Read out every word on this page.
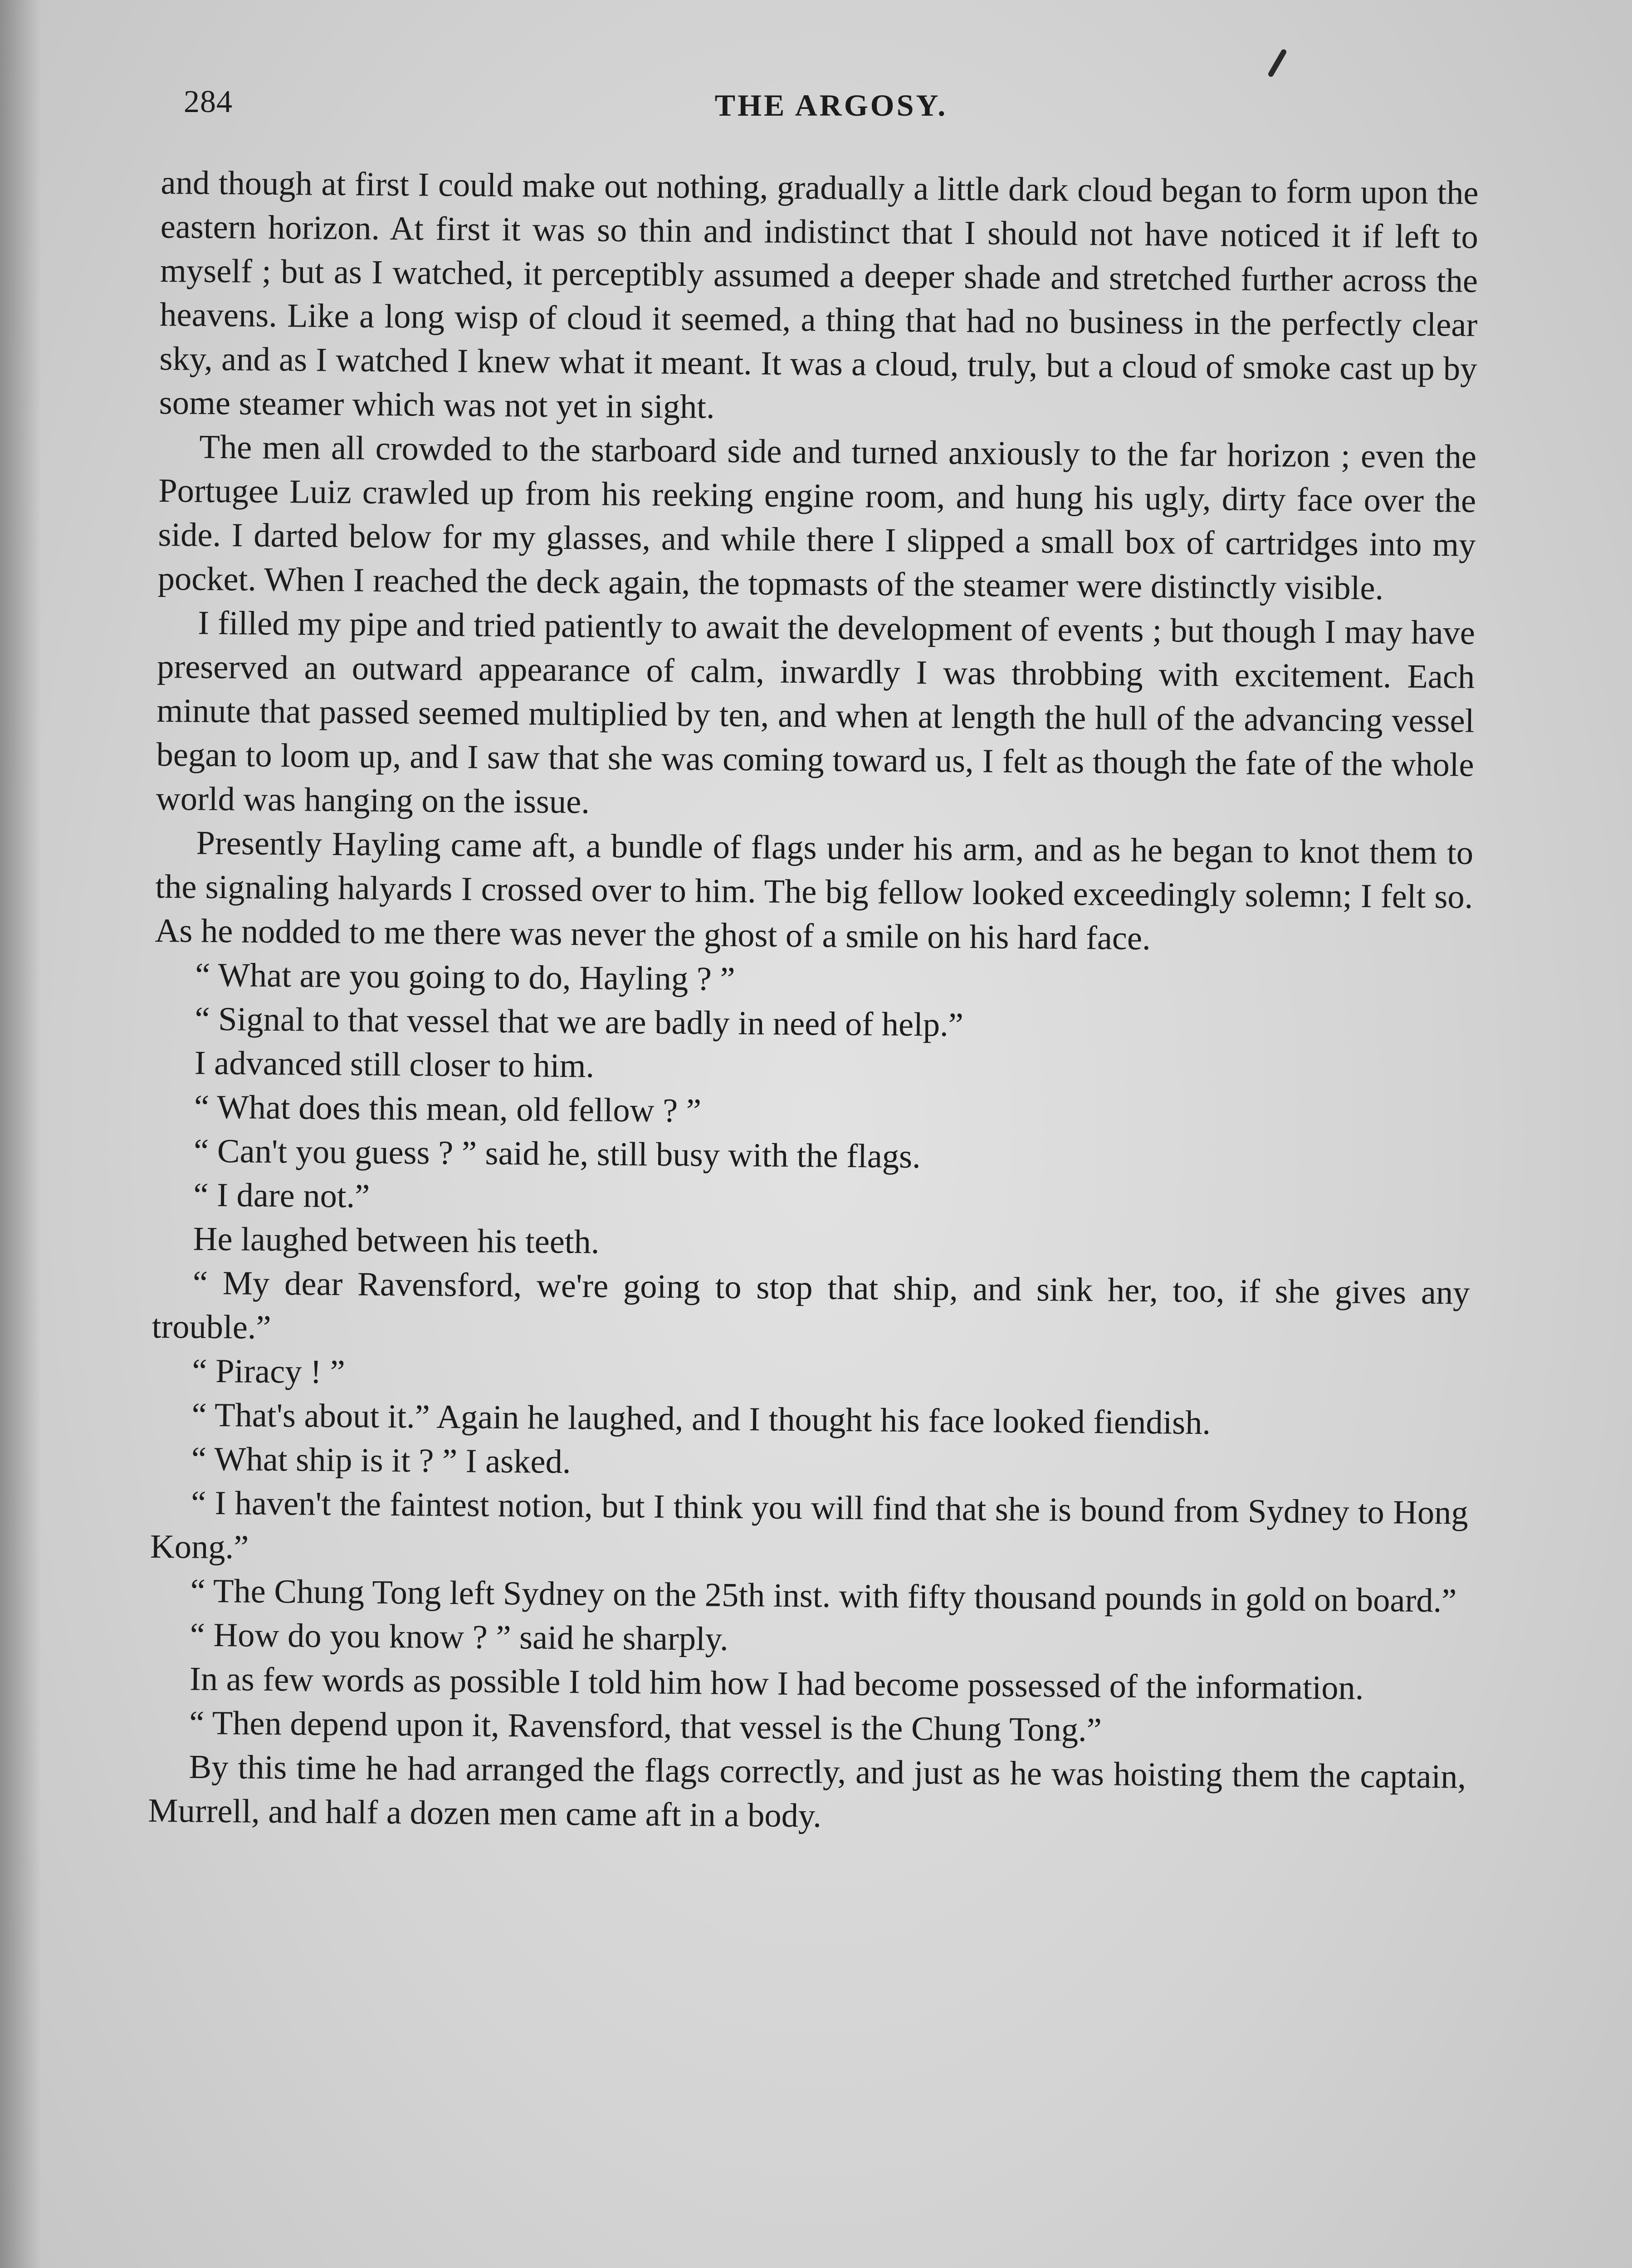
284	THE ARGOSY.

and though at first I could make out nothing, gradually a little dark cloud began to form upon the eastern horizon. At first it was so thin and indistinct that I should not have noticed it if left to myself ; but as I watched, it perceptibly assumed a deeper shade and stretched further across the heavens. Like a long wisp of cloud it seemed, a thing that had no business in the perfectly clear sky, and as I watched I knew what it meant. It was a cloud, truly, but a cloud of smoke cast up by some steamer which was not yet in sight.

The men all crowded to the starboard side and turned anxiously to the far horizon ; even the Portugee Luiz crawled up from his reeking engine room, and hung his ugly, dirty face over the side. I darted below for my glasses, and while there I slipped a small box of cartridges into my pocket. When I reached the deck again, the topmasts of the steamer were distinctly visible.

I filled my pipe and tried patiently to await the development of events ; but though I may have preserved an outward appearance of calm, inwardly I was throbbing with excitement. Each minute that passed seemed multiplied by ten, and when at length the hull of the advancing vessel began to loom up, and I saw that she was coming toward us, I felt as though the fate of the whole world was hanging on the issue.

Presently Hayling came aft, a bundle of flags under his arm, and as he began to knot them to the signaling halyards I crossed over to him. The big fellow looked exceedingly solemn; I felt so. As he nodded to me there was never the ghost of a smile on his hard face.

“ What are you going to do, Hayling ? ”

“ Signal to that vessel that we are badly in need of help.”

I advanced still closer to him.

“ What does this mean, old fellow ? ”

“ Can't you guess ? ” said he, still busy with the flags.

“ I dare not.”

He laughed between his teeth.

“ My dear Ravensford, we're going to stop that ship, and sink her, too, if she gives any trouble.”

“ Piracy ! ”

“ That's about it.” Again he laughed, and I thought his face looked fiendish.

“ What ship is it ? ” I asked.

“ I haven't the faintest notion, but I think you will find that she is bound from Sydney to Hong Kong.”

“ The Chung Tong left Sydney on the 25th inst. with fifty thousand pounds in gold on board.”

“ How do you know ? ” said he sharply.

In as few words as possible I told him how I had become possessed of the information.

“ Then depend upon it, Ravensford, that vessel is the Chung Tong.”

By this time he had arranged the flags correctly, and just as he was hoisting them the captain, Murrell, and half a dozen men came aft in a body.
